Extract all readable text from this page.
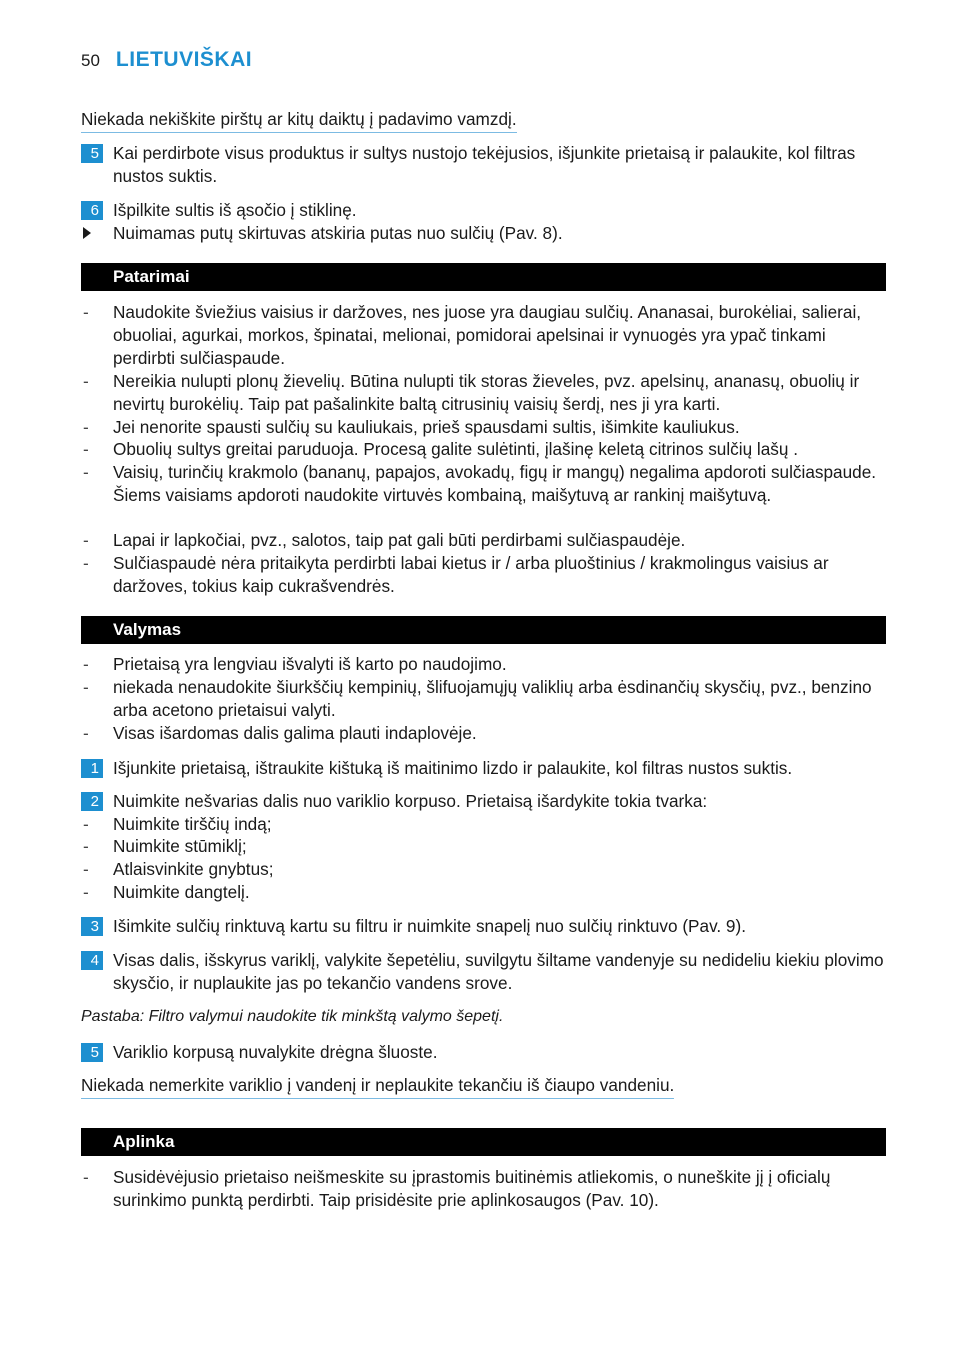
50 LIETUVIŠKAI
Niekada nekiškite pirštų ar kitų daiktų į padavimo vamzdį.
5 Kai perdirbote visus produktus ir sultys nustojo tekėjusios, išjunkite prietaisą ir palaukite, kol filtras nustos suktis.
6 Išpilkite sultis iš ąsočio į stiklinę.
Nuimamas putų skirtuvas atskiria putas nuo sulčių (Pav. 8).
Patarimai
-	Naudokite šviežius vaisius ir daržoves, nes juose yra daugiau sulčių. Ananasai, burokėliai, salierai, obuoliai, agurkai, morkos, špinatai, melionai, pomidorai apelsinai ir vynuogės yra ypač tinkami perdirbti sulčiaspaude.
-	Nereikia nulupti plonų žievelių. Būtina nulupti tik storas žieveles, pvz. apelsinų, ananasų, obuolių ir nevirtų burokėlių. Taip pat pašalinkite baltą citrusinių vaisių šerdį, nes ji yra karti.
-	Jei nenorite spausti sulčių su kauliukais, prieš spausdami sultis, išimkite kauliukus.
-	Obuolių sultys greitai paruduoja. Procesą galite sulėtinti, įlašinę keletą citrinos sulčių lašų .
-	Vaisių, turinčių krakmolo (bananų, papajos, avokadų, figų ir mangų) negalima apdoroti sulčiaspaude. Šiems vaisiams apdoroti naudokite virtuvės kombainą, maišytuvą ar rankinį maišytuvą.
-	Lapai ir lapkočiai, pvz., salotos, taip pat gali būti perdirbami sulčiaspaudėje.
-	Sulčiaspaudė nėra pritaikyta perdirbti labai kietus ir / arba pluoštinius / krakmolingus vaisius ar daržoves, tokius kaip cukrašvendrės.
Valymas
-	Prietaisą yra lengviau išvalyti iš karto po naudojimo.
-	niekada nenaudokite šiurkščių kempinių, šlifuojamųjų valiklių arba ėsdinančių skysčių, pvz., benzino arba acetono prietaisui valyti.
-	Visas išardomas dalis galima plauti indaplovėje.
1 Išjunkite prietaisą, ištraukite kištuką iš maitinimo lizdo ir palaukite, kol filtras nustos suktis.
2 Nuimkite nešvarias dalis nuo variklio korpuso. Prietaisą išardykite tokia tvarka:
-	Nuimkite tirščių indą;
-	Nuimkite stūmiklį;
-	Atlaisvinkite gnybtus;
-	Nuimkite dangtelį.
3 Išimkite sulčių rinktuvą kartu su filtru ir nuimkite snapelį nuo sulčių rinktuvo (Pav. 9).
4 Visas dalis, išskyrus variklį, valykite šepetėliu, suvilgytu šiltame vandenyje su nedideliu kiekiu plovimo skysčio, ir nuplaukite jas po tekančio vandens srove.
Pastaba: Filtro valymui naudokite tik minkštą valymo šepetį.
5 Variklio korpusą nuvalykite drėgna šluoste.
Niekada nemerkite variklio į vandenį ir neplaukite tekančiu iš čiaupo vandeniu.
Aplinka
-	Susidėvėjusio prietaiso neišmeskite su įprastomis buitinėmis atliekomis, o nuneškite jį į oficialų surinkimo punktą perdirbti. Taip prisidėsite prie aplinkosaugos (Pav. 10).
